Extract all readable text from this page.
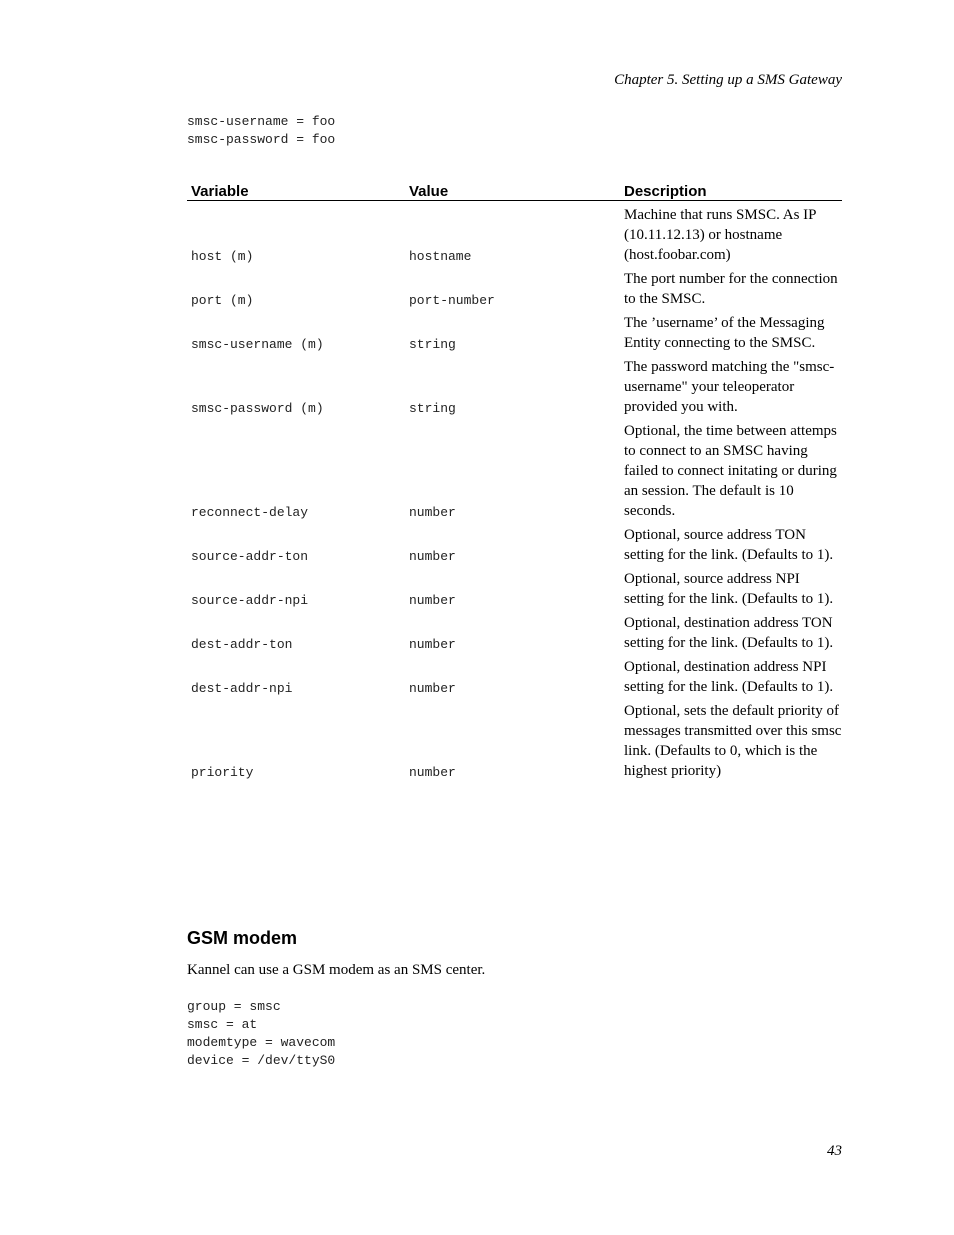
Chapter 5. Setting up a SMS Gateway
smsc-username = foo
smsc-password = foo
Variable	Value	Description
host (m)	hostname	Machine that runs SMSC. As IP (10.11.12.13) or hostname (host.foobar.com)
port (m)	port-number	The port number for the connection to the SMSC.
smsc-username (m)	string	The ’username’ of the Messaging Entity connecting to the SMSC.
smsc-password (m)	string	The password matching the "smsc-username" your teleoperator provided you with.
reconnect-delay	number	Optional, the time between attemps to connect to an SMSC having failed to connect initating or during an session. The default is 10 seconds.
source-addr-ton	number	Optional, source address TON setting for the link. (Defaults to 1).
source-addr-npi	number	Optional, source address NPI setting for the link. (Defaults to 1).
dest-addr-ton	number	Optional, destination address TON setting for the link. (Defaults to 1).
dest-addr-npi	number	Optional, destination address NPI setting for the link. (Defaults to 1).
priority	number	Optional, sets the default priority of messages transmitted over this smsc link. (Defaults to 0, which is the highest priority)
GSM modem

Kannel can use a GSM modem as an SMS center.

group = smsc
smsc = at
modemtype = wavecom
device = /dev/ttyS0
43
